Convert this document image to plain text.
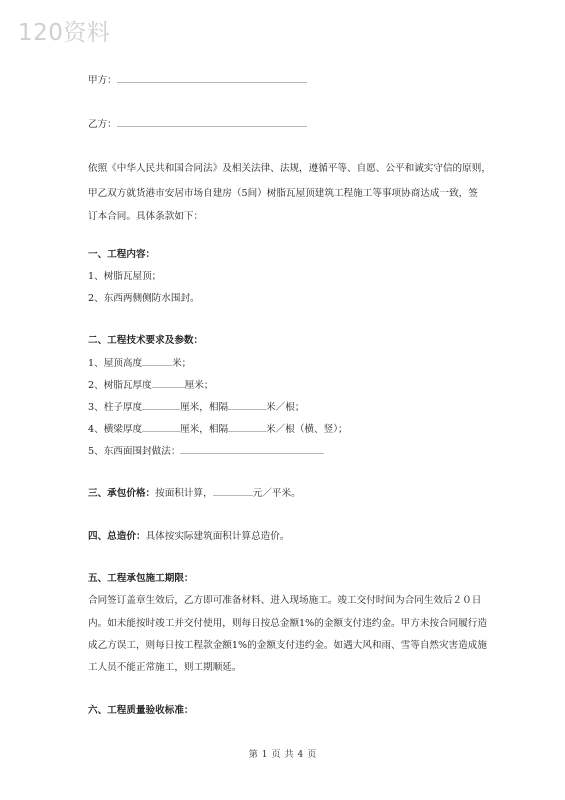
120资料
甲方：
乙方：
依照《中华人民共和国合同法》及相关法律、法规，遵循平等、自愿、公平和诚实守信的原则，
甲乙双方就货港市安居市场自建房（5间）树脂瓦屋顶建筑工程施工等事项协商达成一致，签
订本合同。具体条款如下：
一、工程内容：
1、树脂瓦屋顶；
2、东西两侧侧防水围封。
二、工程技术要求及参数：
1、屋顶高度	米；
2、树脂瓦厚度	厘米；
3、柱子厚度	厘米，相隔	米／根；
4、横梁厚度	厘米，相隔	米／根（横、竖）；
5、东西面围封做法：
三、承包价格：按面积计算，	元／平米。
四、总造价：具体按实际建筑面积计算总造价。
五、工程承包施工期限：
合同签订盖章生效后，乙方即可准备材料、进入现场施工。竣工交付时间为合同生效后２０日
内。如未能按时竣工并交付使用，则每日按总金额1%的金额支付违约金。甲方未按合同履行造
成乙方误工，则每日按工程款金额1%的金额支付违约金。如遇大风和雨、雪等自然灾害造成施
工人员不能正常施工，则工期顺延。
六、工程质量验收标准：
第 1 页 共 4 页
